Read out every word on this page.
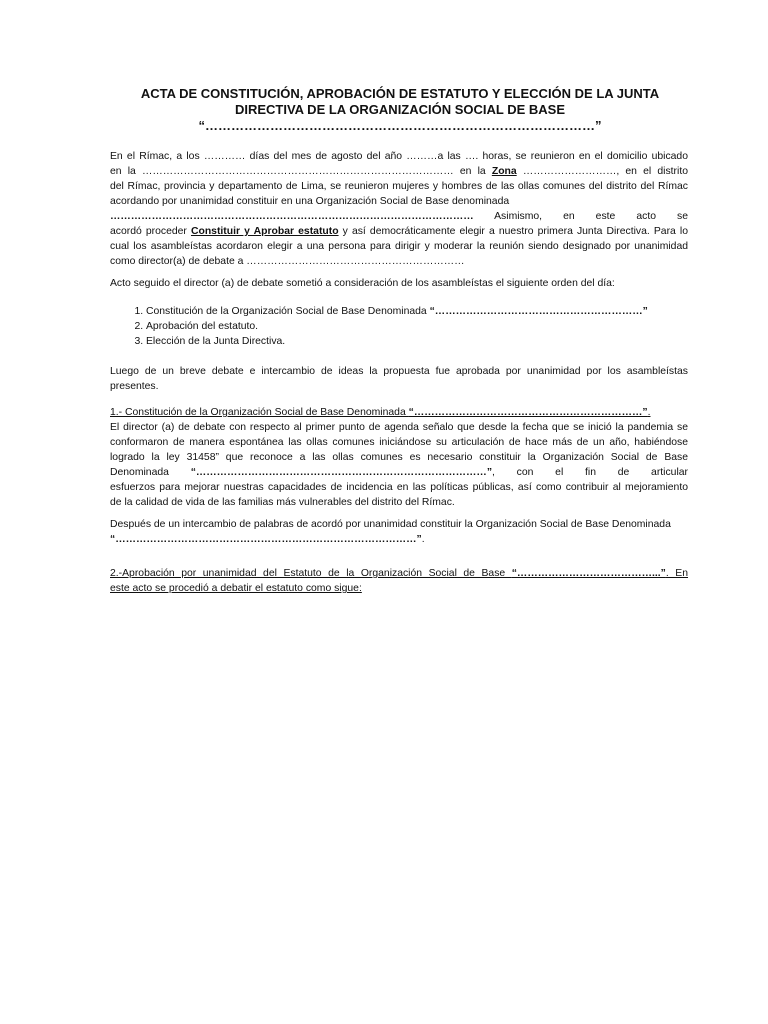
ACTA DE CONSTITUCIÓN, APROBACIÓN DE ESTATUTO Y ELECCIÓN DE LA JUNTA
DIRECTIVA DE LA ORGANIZACIÓN SOCIAL DE BASE
“………………………………………………………………………………”
En el Rímac, a los ………… días del mes de agosto del año ………a las …. horas, se reunieron en el domicilio ubicado
en la ……………………………………………………………………………… en la Zona ………………………, en el distrito
del Rímac, provincia y departamento de Lima, se reunieron mujeres y hombres de las ollas comunes del distrito del Rímac
acordando por unanimidad constituir en una Organización Social de Base denominada
…………………………………………………………………………………………… Asimismo, en este acto se
acordó proceder Constituir y Aprobar estatuto y así democráticamente elegir a nuestro primera Junta Directiva. Para lo
cual los asambleístas acordaron elegir a una persona para dirigir y moderar la reunión siendo designado por unanimidad
como director(a) de debate a ………………………………………………………
Acto seguido el director (a) de debate sometió a consideración de los asambleístas el siguiente orden del día:
1. Constitución de la Organización Social de Base Denominada “……………………………………………………”
2. Aprobación del estatuto.
3. Elección de la Junta Directiva.
Luego de un breve debate e intercambio de ideas la propuesta fue aprobada por unanimidad por los asambleístas
presentes.
1.- Constitución de la Organización Social de Base Denominada “…………………………………………………………”.
El director (a) de debate con respecto al primer punto de agenda señalo que desde la fecha que se inició la pandemia se
conformaron de manera espontánea las ollas comunes iniciándose su articulación de hace más de un año, habiéndose
logrado la ley 31458” que reconoce a las ollas comunes es necesario constituir la Organización Social de Base
Denominada “…………………………………………………………………………”, con el fin de articular
esfuerzos para mejorar nuestras capacidades de incidencia en las políticas públicas, así como contribuir al mejoramiento
de la calidad de vida de las familias más vulnerables del distrito del Rímac.
Después de un intercambio de palabras de acordó por unanimidad constituir la Organización Social de Base Denominada
“……………………………………………………………………………”.
2.-Aprobación por unanimidad del Estatuto de la Organización Social de Base “…………………………………...”. En
este acto se procedió a debatir el estatuto como sigue:
